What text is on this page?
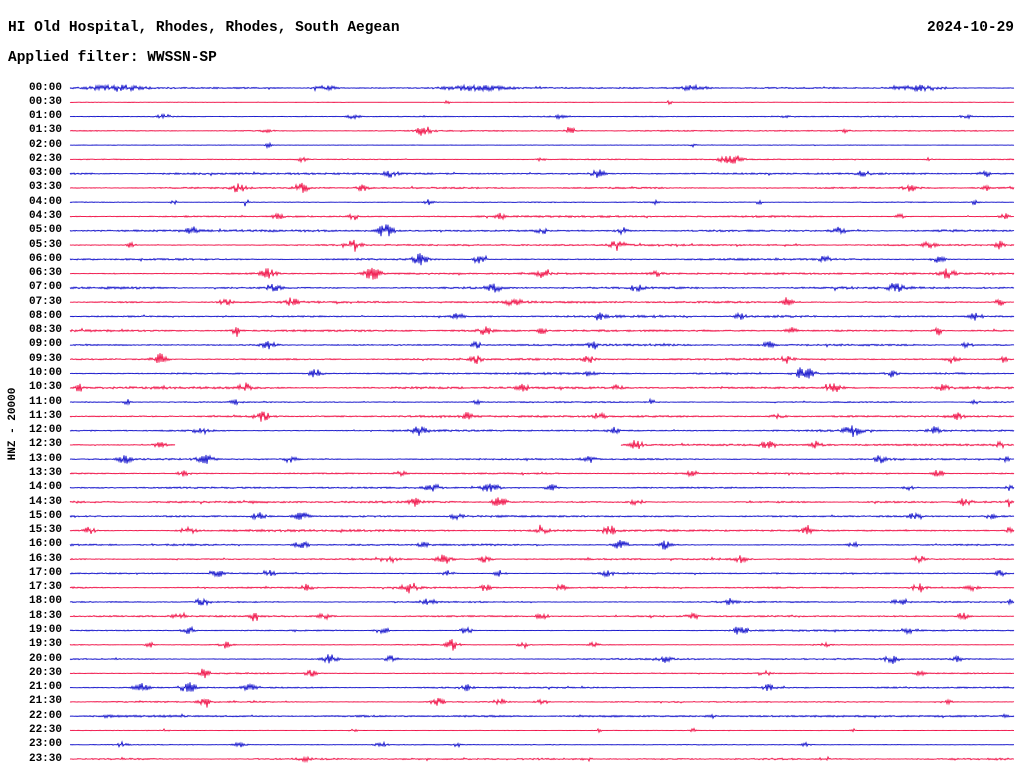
HI Old Hospital, Rhodes, Rhodes, South Aegean	2024-10-29
Applied filter: WWSSN-SP
HNZ - 20000
00:00
00:30
01:00
01:30
02:00
02:30
03:00
03:30
04:00
04:30
05:00
05:30
06:00
06:30
07:00
07:30
08:00
08:30
09:00
09:30
10:00
10:30
11:00
11:30
12:00
12:30
13:00
13:30
14:00
14:30
15:00
15:30
16:00
16:30
17:00
17:30
18:00
18:30
19:00
19:30
20:00
20:30
21:00
21:30
22:00
22:30
23:00
23:30
